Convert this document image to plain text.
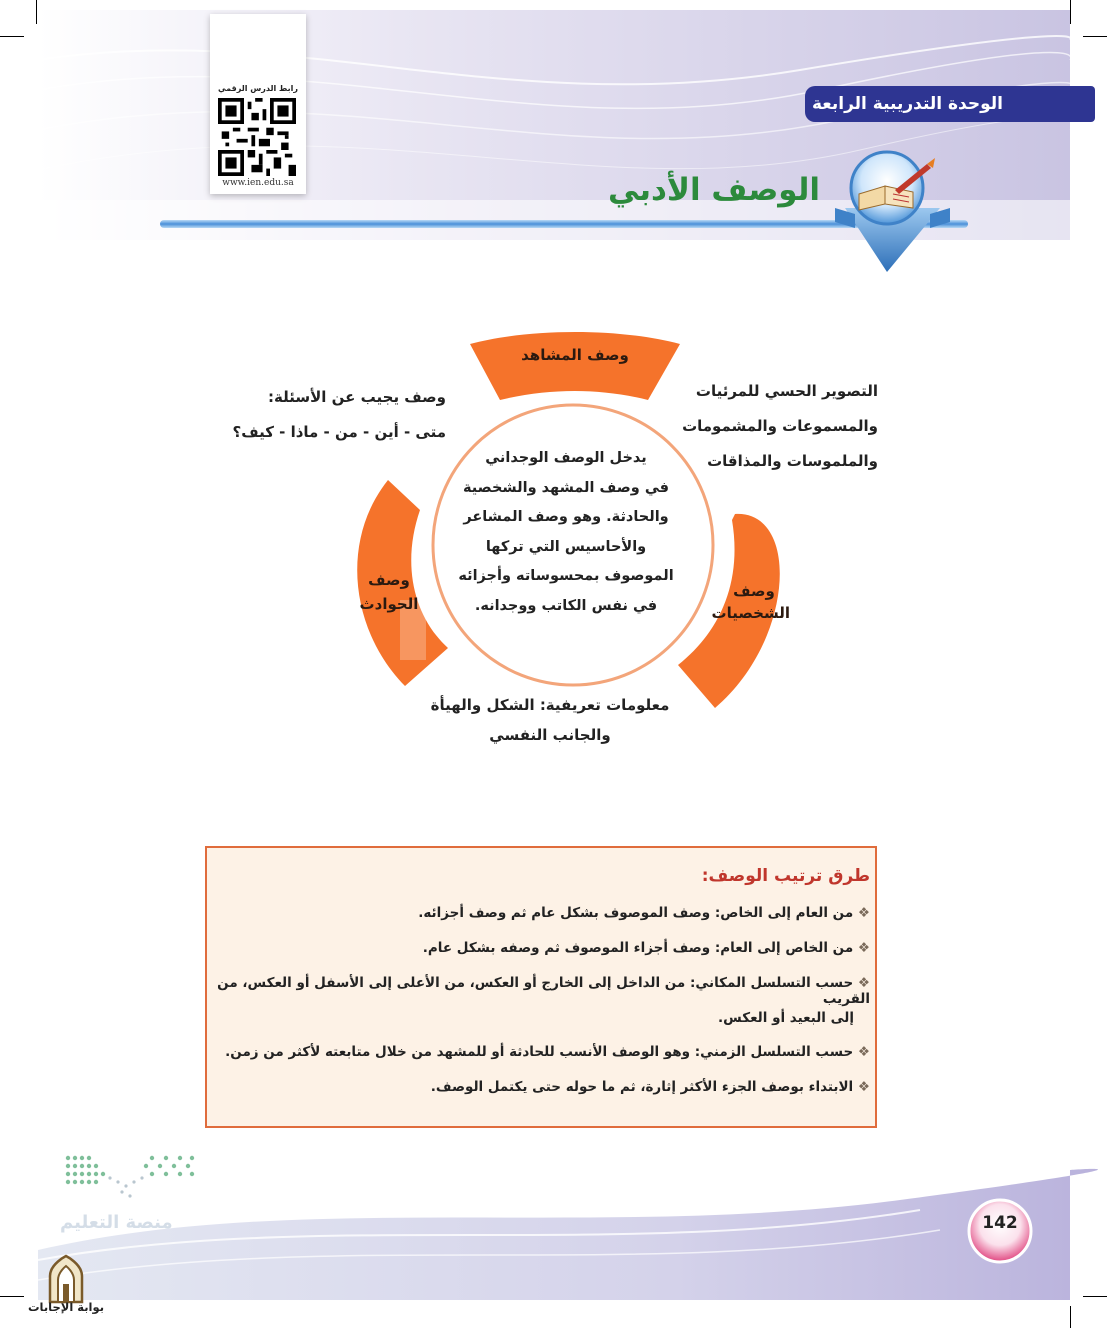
رابط الدرس الرقمي
www.ien.edu.sa
الوحدة التدريبية الرابعة
الوصف الأدبي
وصف المشاهد
وصف
الشخصيات
وصف
الحوادث
يدخل الوصف الوجداني
في وصف المشهد والشخصية
والحادثة. وهو وصف المشاعر
والأحاسيس التي تركها
الموصوف بمحسوساته وأجزائه
في نفس الكاتب ووجدانه.
التصوير الحسي للمرئيات
والمسموعات والمشمومات
والملموسات والمذاقات
وصف يجيب عن الأسئلة:
متى - أين - من - ماذا - كيف؟
معلومات تعريفية: الشكل والهيأة
والجانب النفسي
طرق ترتيب الوصف:
❖ من العام إلى الخاص: وصف الموصوف بشكل عام ثم وصف أجزائه.
❖ من الخاص إلى العام: وصف أجزاء الموصوف ثم وصفه بشكل عام.
❖ حسب التسلسل المكاني: من الداخل إلى الخارج أو العكس، من الأعلى إلى الأسفل أو العكس، من القريب
إلى البعيد أو العكس.
❖ حسب التسلسل الزمني: وهو الوصف الأنسب للحادثة أو للمشهد من خلال متابعته لأكثر من زمن.
❖ الابتداء بوصف الجزء الأكثر إثارة، ثم ما حوله حتى يكتمل الوصف.
142
منصة التعليم
بوابة الإجابات
